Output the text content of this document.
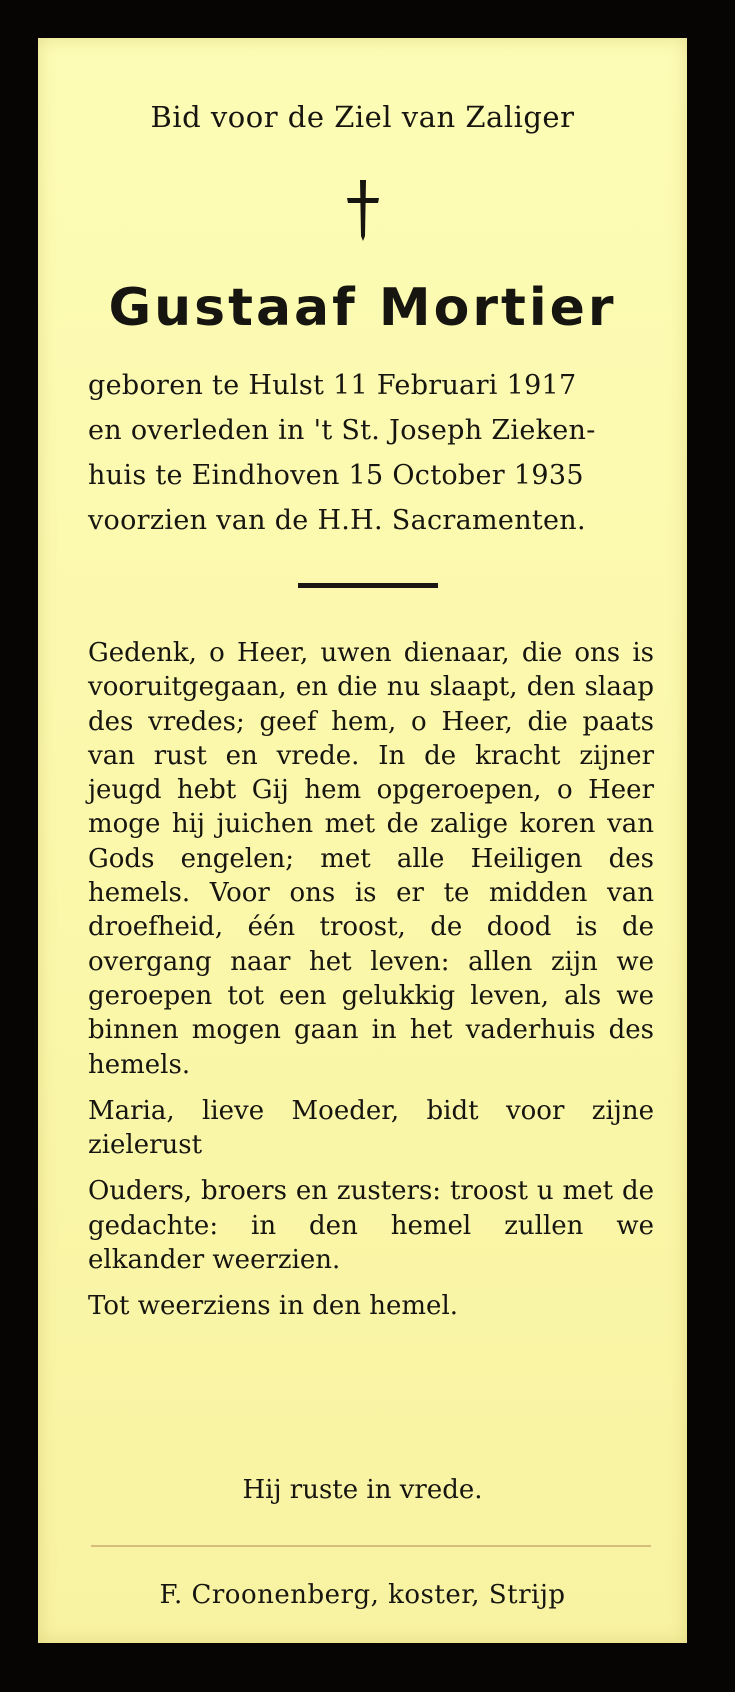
Bid voor de Ziel van Zaliger
Gustaaf Mortier
geboren te Hulst 11 Februari 1917
en overleden in 't St. Joseph Zieken-
huis te Eindhoven 15 October 1935
voorzien van de H.H. Sacramenten.

Gedenk, o Heer, uwen dienaar, die ons is vooruitgegaan, en die nu slaapt, den slaap des vredes; geef hem, o Heer, die paats van rust en vrede. In de kracht zijner jeugd hebt Gij hem opgeroepen, o Heer moge hij juichen met de zalige koren van Gods engelen; met alle Heiligen des hemels. Voor ons is er te midden van droefheid, één troost, de dood is de overgang naar het leven: allen zijn we geroepen tot een gelukkig leven, als we binnen mogen gaan in het vaderhuis des hemels.

Maria, lieve Moeder, bidt voor zijne zielerust

Ouders, broers en zusters: troost u met de gedachte: in den hemel zullen we elkander weerzien.

Tot weerziens in den hemel.

Hij ruste in vrede.
F. Croonenberg, koster, Strijp
